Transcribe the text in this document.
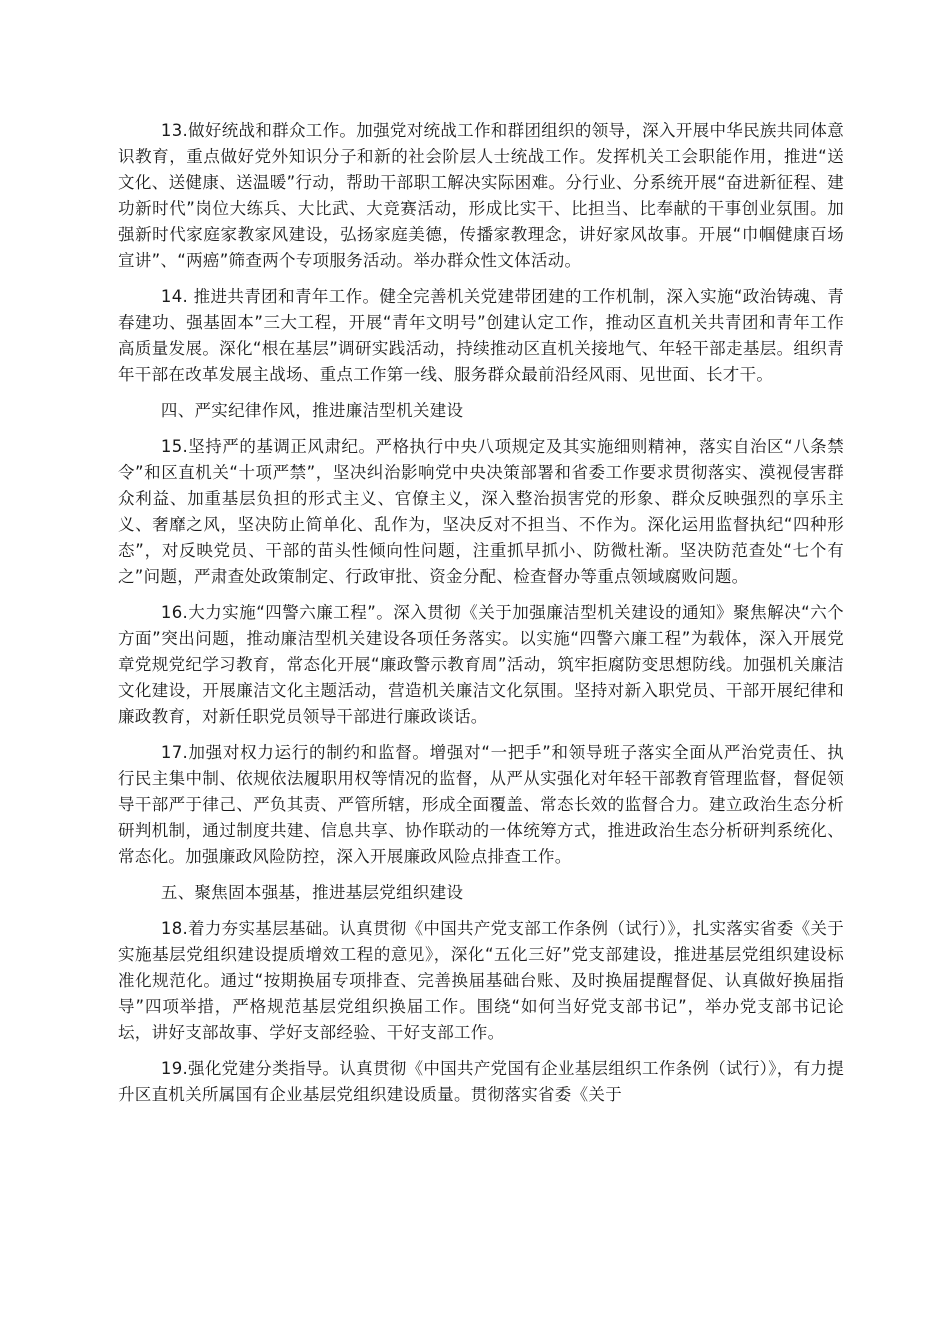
13.做好统战和群众工作。加强党对统战工作和群团组织的领导，深入开展中华民族共同体意识教育，重点做好党外知识分子和新的社会阶层人士统战工作。发挥机关工会职能作用，推进“送文化、送健康、送温暖”行动，帮助干部职工解决实际困难。分行业、分系统开展“奋进新征程、建功新时代”岗位大练兵、大比武、大竞赛活动，形成比实干、比担当、比奉献的干事创业氛围。加强新时代家庭家教家风建设，弘扬家庭美德，传播家教理念，讲好家风故事。开展“巾帼健康百场宣讲”、“两癌”筛查两个专项服务活动。举办群众性文体活动。

14. 推进共青团和青年工作。健全完善机关党建带团建的工作机制，深入实施“政治铸魂、青春建功、强基固本”三大工程，开展“青年文明号”创建认定工作，推动区直机关共青团和青年工作高质量发展。深化“根在基层”调研实践活动，持续推动区直机关接地气、年轻干部走基层。组织青年干部在改革发展主战场、重点工作第一线、服务群众最前沿经风雨、见世面、长才干。

四、严实纪律作风，推进廉洁型机关建设

15.坚持严的基调正风肃纪。严格执行中央八项规定及其实施细则精神，落实自治区“八条禁令”和区直机关“十项严禁”，坚决纠治影响党中央决策部署和省委工作要求贯彻落实、漠视侵害群众利益、加重基层负担的形式主义、官僚主义，深入整治损害党的形象、群众反映强烈的享乐主义、奢靡之风，坚决防止简单化、乱作为，坚决反对不担当、不作为。深化运用监督执纪“四种形态”，对反映党员、干部的苗头性倾向性问题，注重抓早抓小、防微杜渐。坚决防范查处“七个有之”问题，严肃查处政策制定、行政审批、资金分配、检查督办等重点领域腐败问题。

16.大力实施“四警六廉工程”。深入贯彻《关于加强廉洁型机关建设的通知》聚焦解决“六个方面”突出问题，推动廉洁型机关建设各项任务落实。以实施“四警六廉工程”为载体，深入开展党章党规党纪学习教育，常态化开展“廉政警示教育周”活动，筑牢拒腐防变思想防线。加强机关廉洁文化建设，开展廉洁文化主题活动，营造机关廉洁文化氛围。坚持对新入职党员、干部开展纪律和廉政教育，对新任职党员领导干部进行廉政谈话。

17.加强对权力运行的制约和监督。增强对“一把手”和领导班子落实全面从严治党责任、执行民主集中制、依规依法履职用权等情况的监督，从严从实强化对年轻干部教育管理监督，督促领导干部严于律己、严负其责、严管所辖，形成全面覆盖、常态长效的监督合力。建立政治生态分析研判机制，通过制度共建、信息共享、协作联动的一体统筹方式，推进政治生态分析研判系统化、常态化。加强廉政风险防控，深入开展廉政风险点排查工作。

五、聚焦固本强基，推进基层党组织建设

18.着力夯实基层基础。认真贯彻《中国共产党支部工作条例（试行）》，扎实落实省委《关于实施基层党组织建设提质增效工程的意见》，深化“五化三好”党支部建设，推进基层党组织建设标准化规范化。通过“按期换届专项排查、完善换届基础台账、及时换届提醒督促、认真做好换届指导”四项举措，严格规范基层党组织换届工作。围绕“如何当好党支部书记”，举办党支部书记论坛，讲好支部故事、学好支部经验、干好支部工作。

19.强化党建分类指导。认真贯彻《中国共产党国有企业基层组织工作条例（试行）》，有力提升区直机关所属国有企业基层党组织建设质量。贯彻落实省委《关于
